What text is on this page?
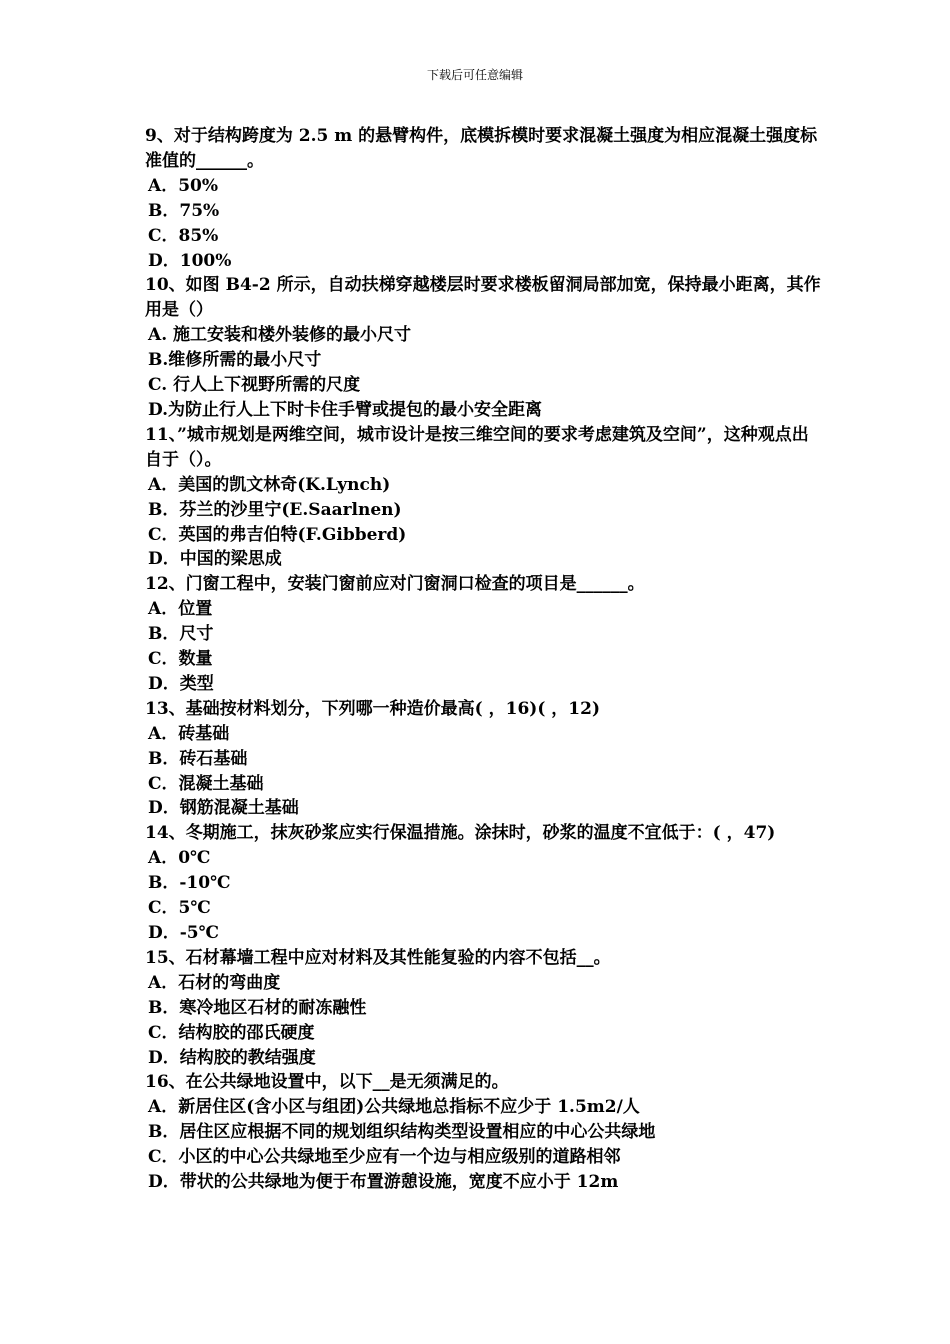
下载后可任意编辑
9、对于结构跨度为 2.5 m 的悬臂构件，底模拆模时要求混凝土强度为相应混凝土强度标准值的______。
A．50%
B．75%
C．85%
D．100%
10、如图 B4-2 所示，自动扶梯穿越楼层时要求楼板留洞局部加宽，保持最小距离，其作用是（）
A. 施工安装和楼外装修的最小尺寸
B.维修所需的最小尺寸
C. 行人上下视野所需的尺度
D.为防止行人上下时卡住手臂或提包的最小安全距离
11、”城市规划是两维空间，城市设计是按三维空间的要求考虑建筑及空间”，这种观点出自于（）。
A．美国的凯文林奇(K.Lynch)
B．芬兰的沙里宁(E.Saarlnen)
C．英国的弗吉伯特(F.Gibberd)
D．中国的梁思成
12、门窗工程中，安装门窗前应对门窗洞口检查的项目是______。
A．位置
B．尺寸
C．数量
D．类型
13、基础按材料划分，下列哪一种造价最高( ，16)( ，12)
A．砖基础
B．砖石基础
C．混凝土基础
D．钢筋混凝土基础
14、冬期施工，抹灰砂浆应实行保温措施。涂抹时，砂浆的温度不宜低于：( ，47)
A．0℃
B．-10℃
C．5℃
D．-5℃
15、石材幕墙工程中应对材料及其性能复验的内容不包括__。
A．石材的弯曲度
B．寒冷地区石材的耐冻融性
C．结构胶的邵氏硬度
D．结构胶的教结强度
16、在公共绿地设置中，以下__是无须满足的。
A．新居住区(含小区与组团)公共绿地总指标不应少于 1.5m2/人
B．居住区应根据不同的规划组织结构类型设置相应的中心公共绿地
C．小区的中心公共绿地至少应有一个边与相应级别的道路相邻
D．带状的公共绿地为便于布置游憩设施，宽度不应小于 12m
